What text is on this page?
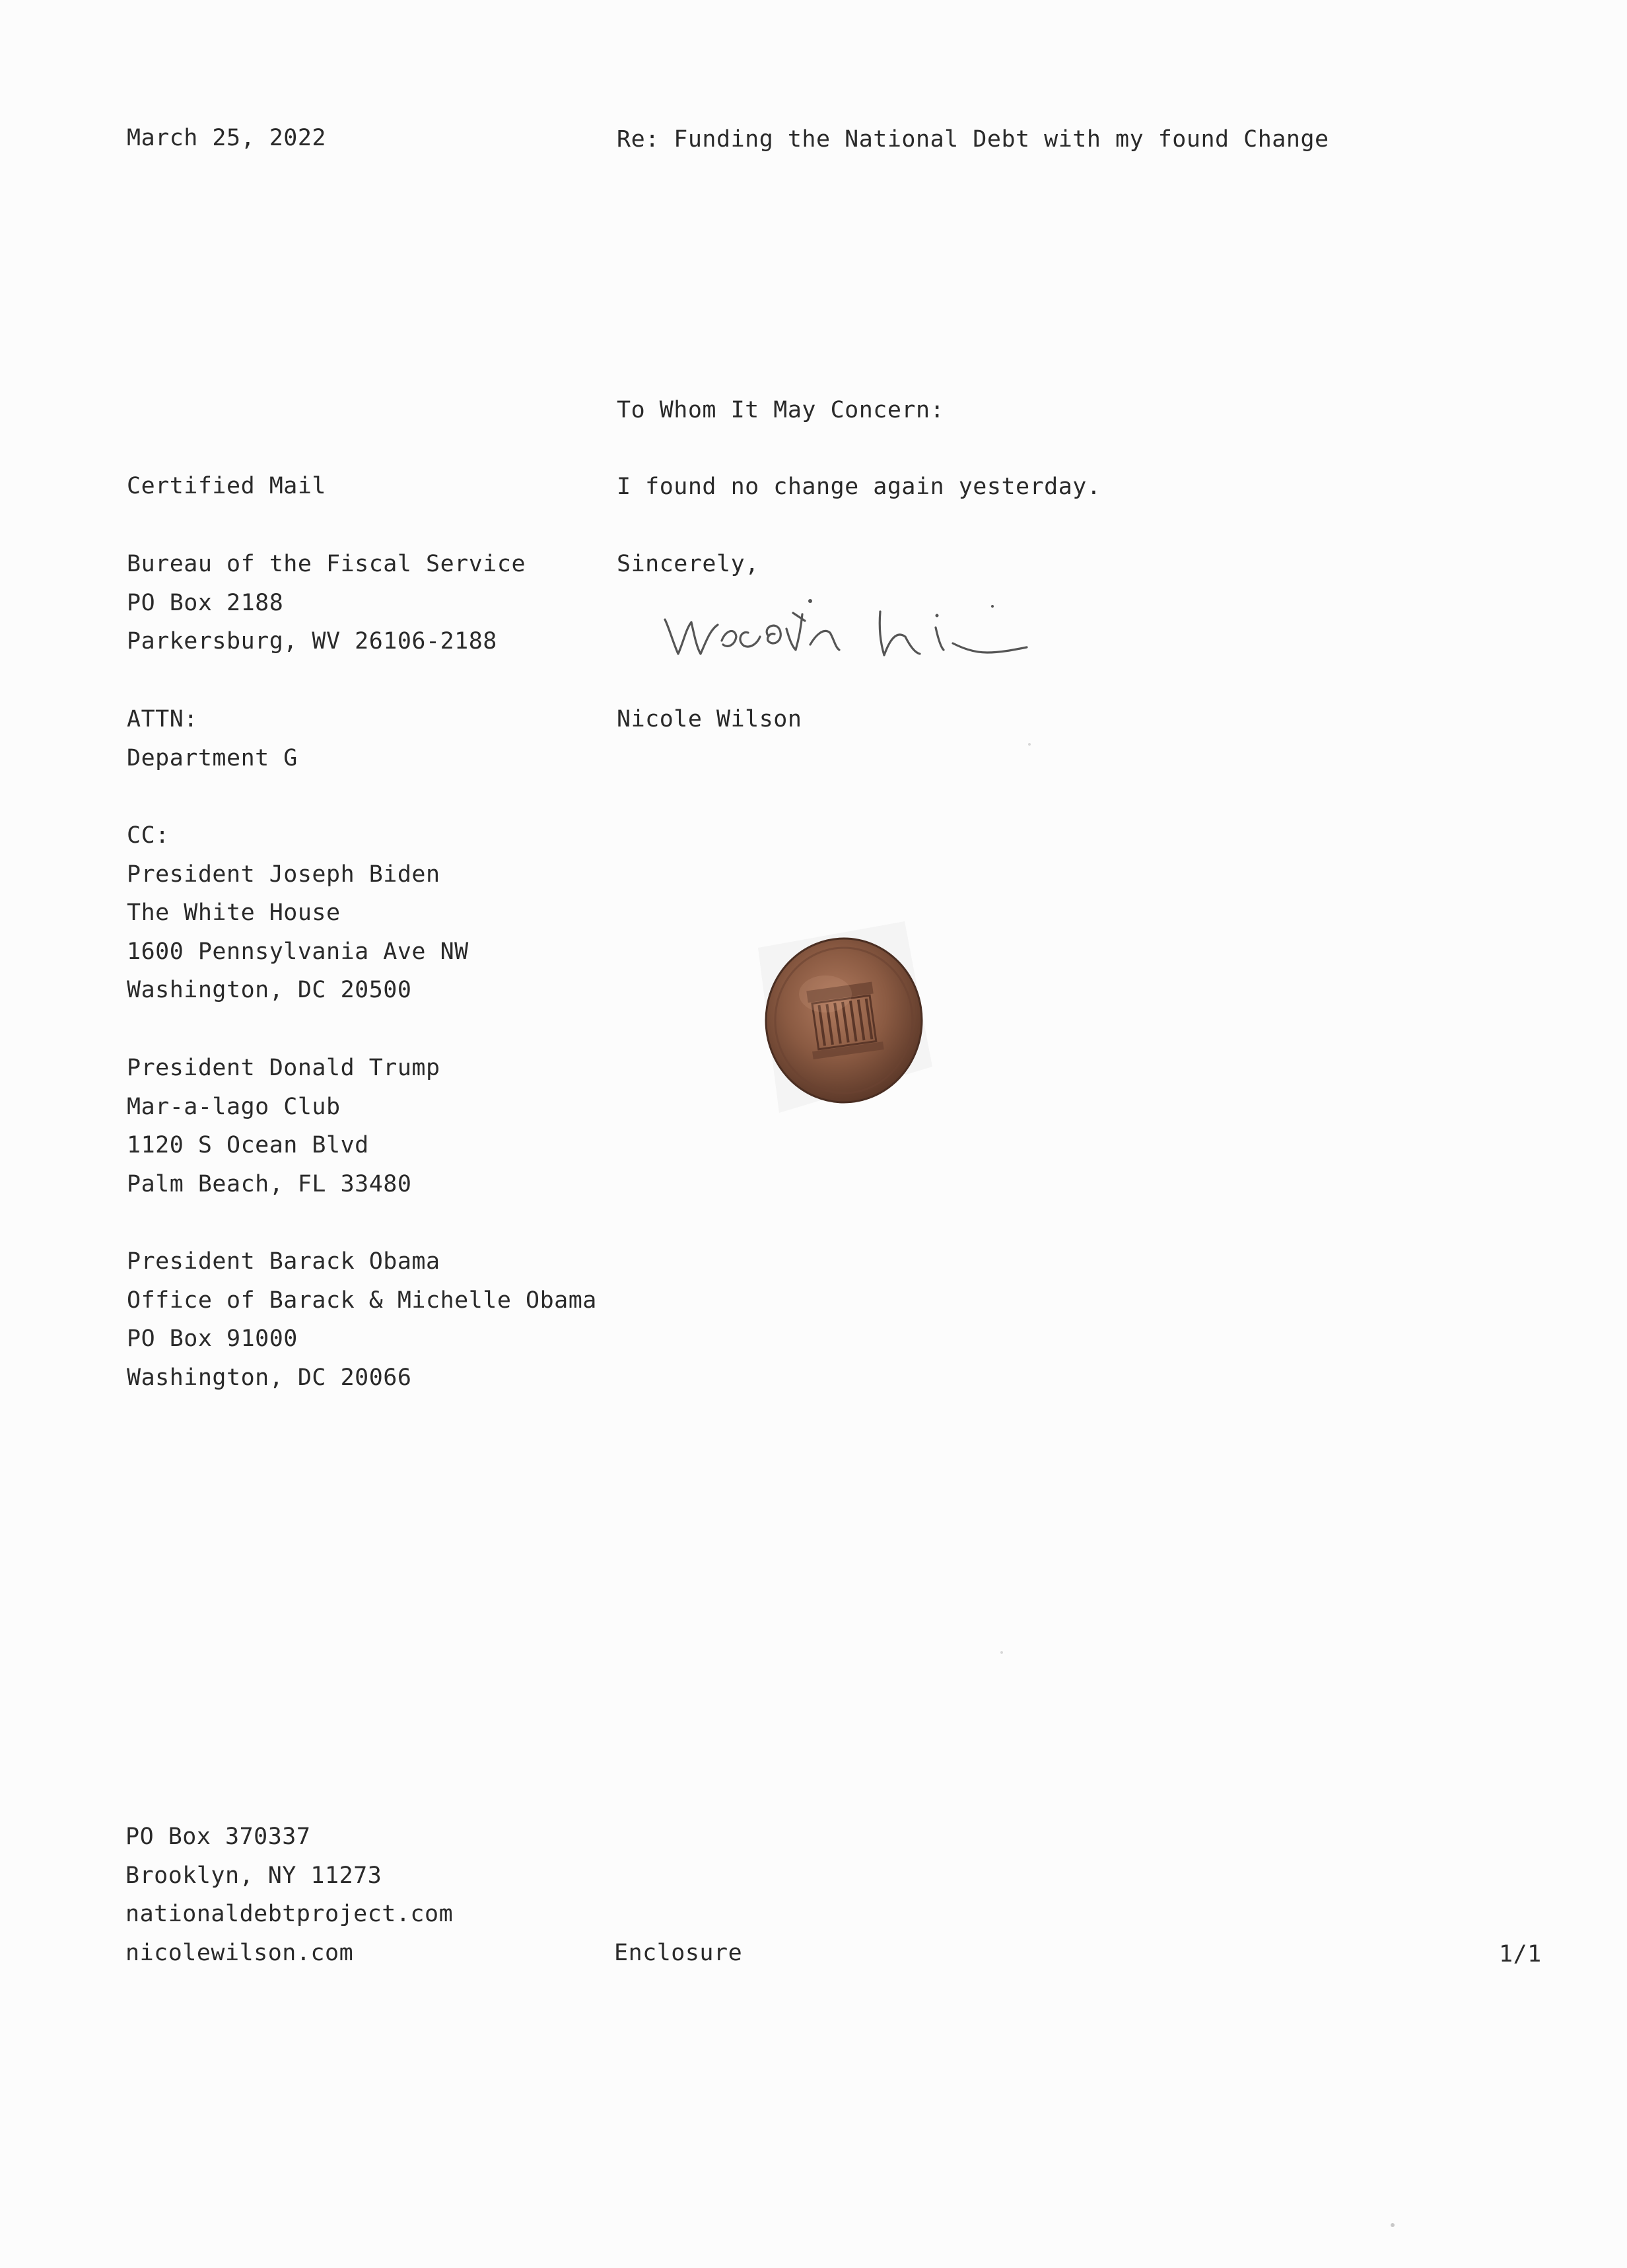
March 25, 2022	Re: Funding the National Debt with my found Change

To Whom It May Concern:

I found no change again yesterday.

Sincerely,

Nicole Wilson

Certified Mail

Bureau of the Fiscal Service
PO Box 2188
Parkersburg, WV 26106-2188
ATTN:
Department G
CC:
President Joseph Biden
The White House
1600 Pennsylvania Ave NW
Washington, DC 20500
President Donald Trump
Mar-a-lago Club
1120 S Ocean Blvd
Palm Beach, FL 33480
President Barack Obama
Office of Barack & Michelle Obama
PO Box 91000
Washington, DC 20066
PO Box 370337
Brooklyn, NY 11273
nationaldebtproject.com
nicolewilson.com	Enclosure	1/1
